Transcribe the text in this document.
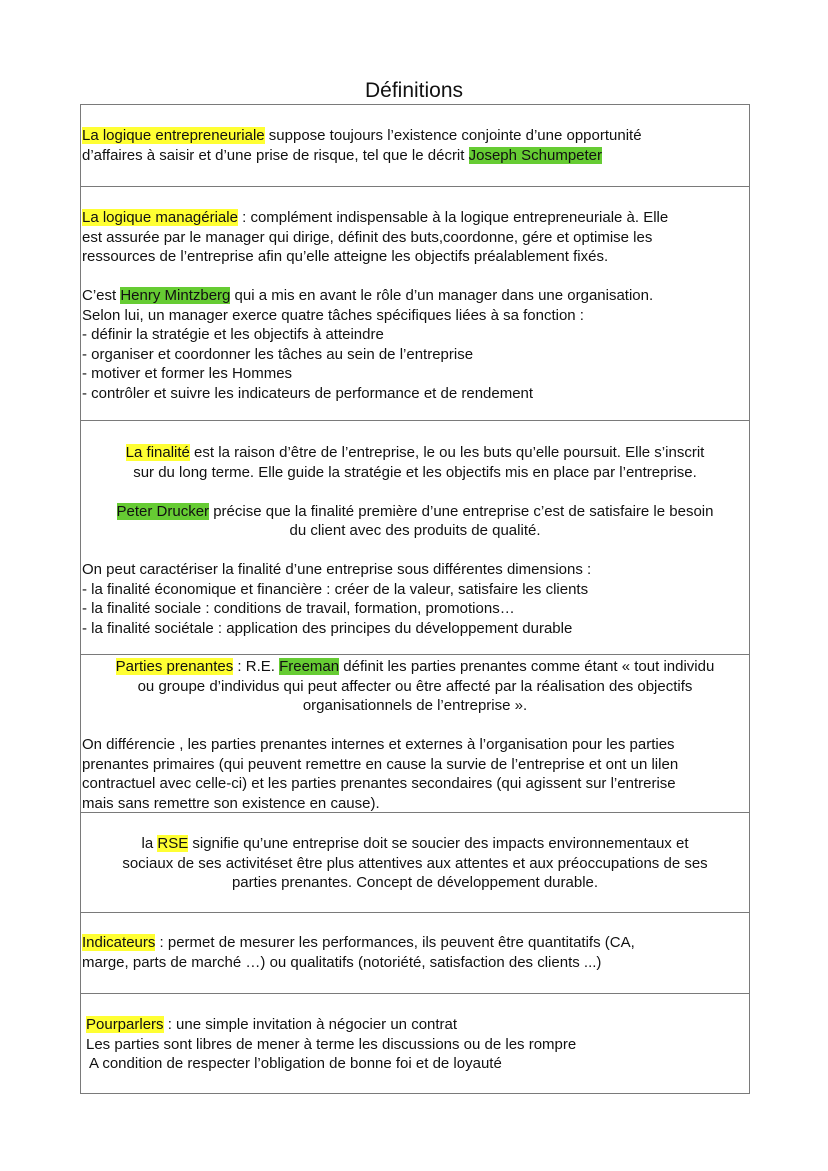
Définitions

La logique entrepreneuriale suppose toujours l’existence conjointe d’une opportunité

d’affaires à saisir et d’une prise de risque, tel que le décrit Joseph Schumpeter

La logique managériale : complément indispensable à la logique entrepreneuriale à. Elle

est assurée par le manager qui dirige, définit des buts,coordonne, gére et optimise les

ressources de l’entreprise afin qu’elle atteigne les objectifs préalablement fixés.

C’est Henry Mintzberg qui a mis en avant le rôle d’un manager dans une organisation.

Selon lui, un manager exerce quatre tâches spécifiques liées à sa fonction :

- définir la stratégie et les objectifs à atteindre

- organiser et coordonner les tâches au sein de l’entreprise

- motiver et former les Hommes

- contrôler et suivre les indicateurs de performance et de rendement

La finalité est la raison d’être de l’entreprise, le ou les buts qu’elle poursuit. Elle s’inscrit

sur du long terme. Elle guide la stratégie et les objectifs mis en place par l’entreprise.

Peter Drucker précise que la finalité première d’une entreprise c’est de satisfaire le besoin

du client avec des produits de qualité.

On peut caractériser la finalité d’une entreprise sous différentes dimensions :

- la finalité économique et financière : créer de la valeur, satisfaire les clients

- la finalité sociale : conditions de travail, formation, promotions…

- la finalité sociétale : application des principes du développement durable

Parties prenantes : R.E. Freeman définit les parties prenantes comme étant « tout individu

ou groupe d’individus qui peut affecter ou être affecté par la réalisation des objectifs

organisationnels de l’entreprise ».

On différencie , les parties prenantes internes et externes à l’organisation pour les parties

prenantes primaires (qui peuvent remettre en cause la survie de l’entreprise et ont un lilen

contractuel avec celle-ci) et les parties prenantes secondaires (qui agissent sur l’entrerise

mais sans remettre son existence en cause).

la RSE signifie qu’une entreprise doit se soucier des impacts environnementaux et

sociaux de ses activitéset être plus attentives aux attentes et aux préoccupations de ses

parties prenantes. Concept de développement durable.

Indicateurs : permet de mesurer les performances, ils peuvent être quantitatifs (CA,

marge, parts de marché …) ou qualitatifs (notoriété, satisfaction des clients ...)

Pourparlers : une simple invitation à négocier un contrat

Les parties sont libres de mener à terme les discussions ou de les rompre

A condition de respecter l’obligation de bonne foi et de loyauté
